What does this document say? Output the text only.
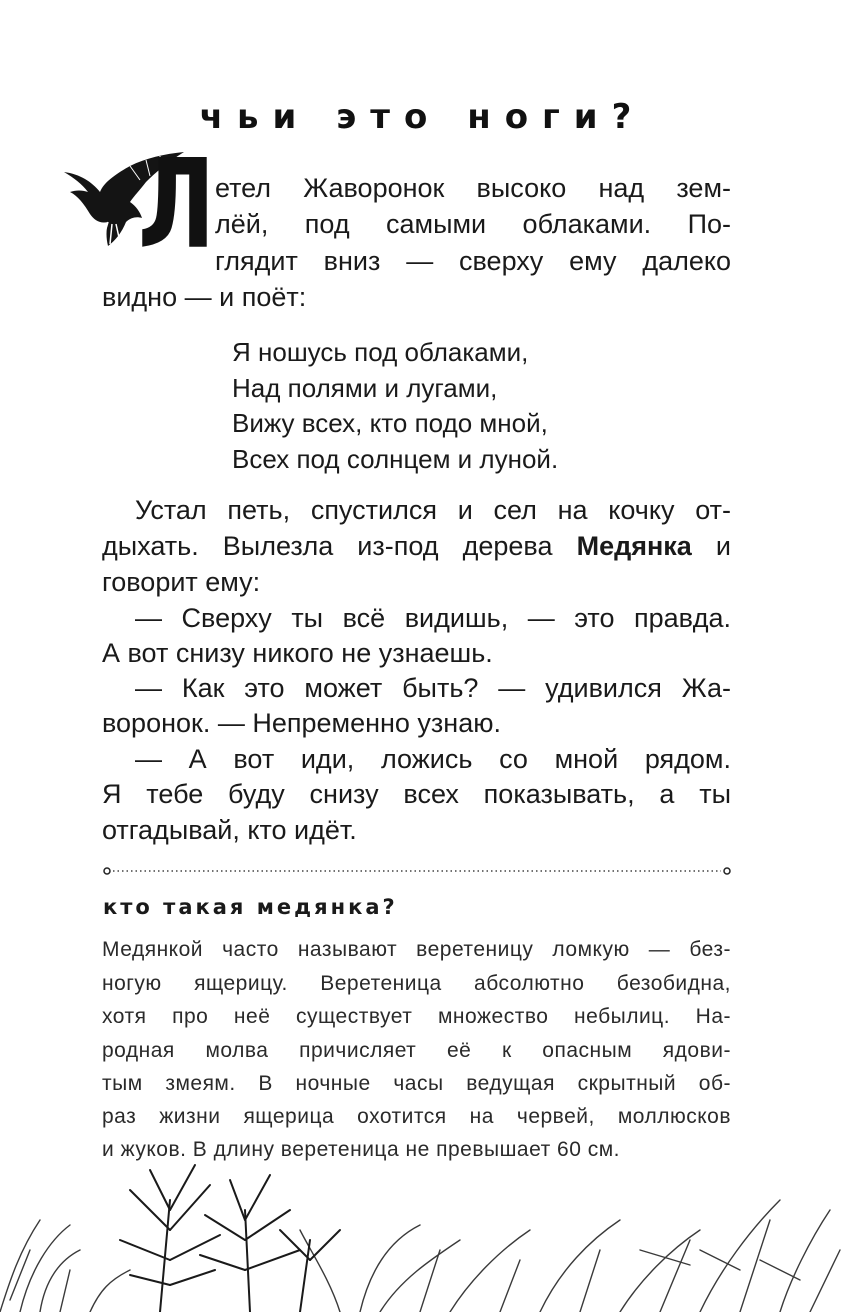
чьи это ноги?
Л етел Жаворонок высоко над зем-
лёй, под самыми облаками. По-
глядит вниз — сверху ему далеко
видно — и поёт:
Я ношусь под облаками,
Над полями и лугами,
Вижу всех, кто подо мной,
Всех под солнцем и луной.
Устал петь, спустился и сел на кочку от-
дыхать. Вылезла из-под дерева Медянка и
говорит ему:
— Сверху ты всё видишь, — это правда.
А вот снизу никого не узнаешь.
— Как это может быть? — удивился Жа-
воронок. — Непременно узнаю.
— А вот иди, ложись со мной рядом.
Я тебе буду снизу всех показывать, а ты
отгадывай, кто идёт.
кто такая медянка?
Медянкой часто называют веретеницу ломкую — без-
ногую ящерицу. Веретеница абсолютно безобидна,
хотя про неё существует множество небылиц. На-
родная молва причисляет её к опасным ядови-
тым змеям. В ночные часы ведущая скрытный об-
раз жизни ящерица охотится на червей, моллюсков
и жуков. В длину веретеница не превышает 60 см.
